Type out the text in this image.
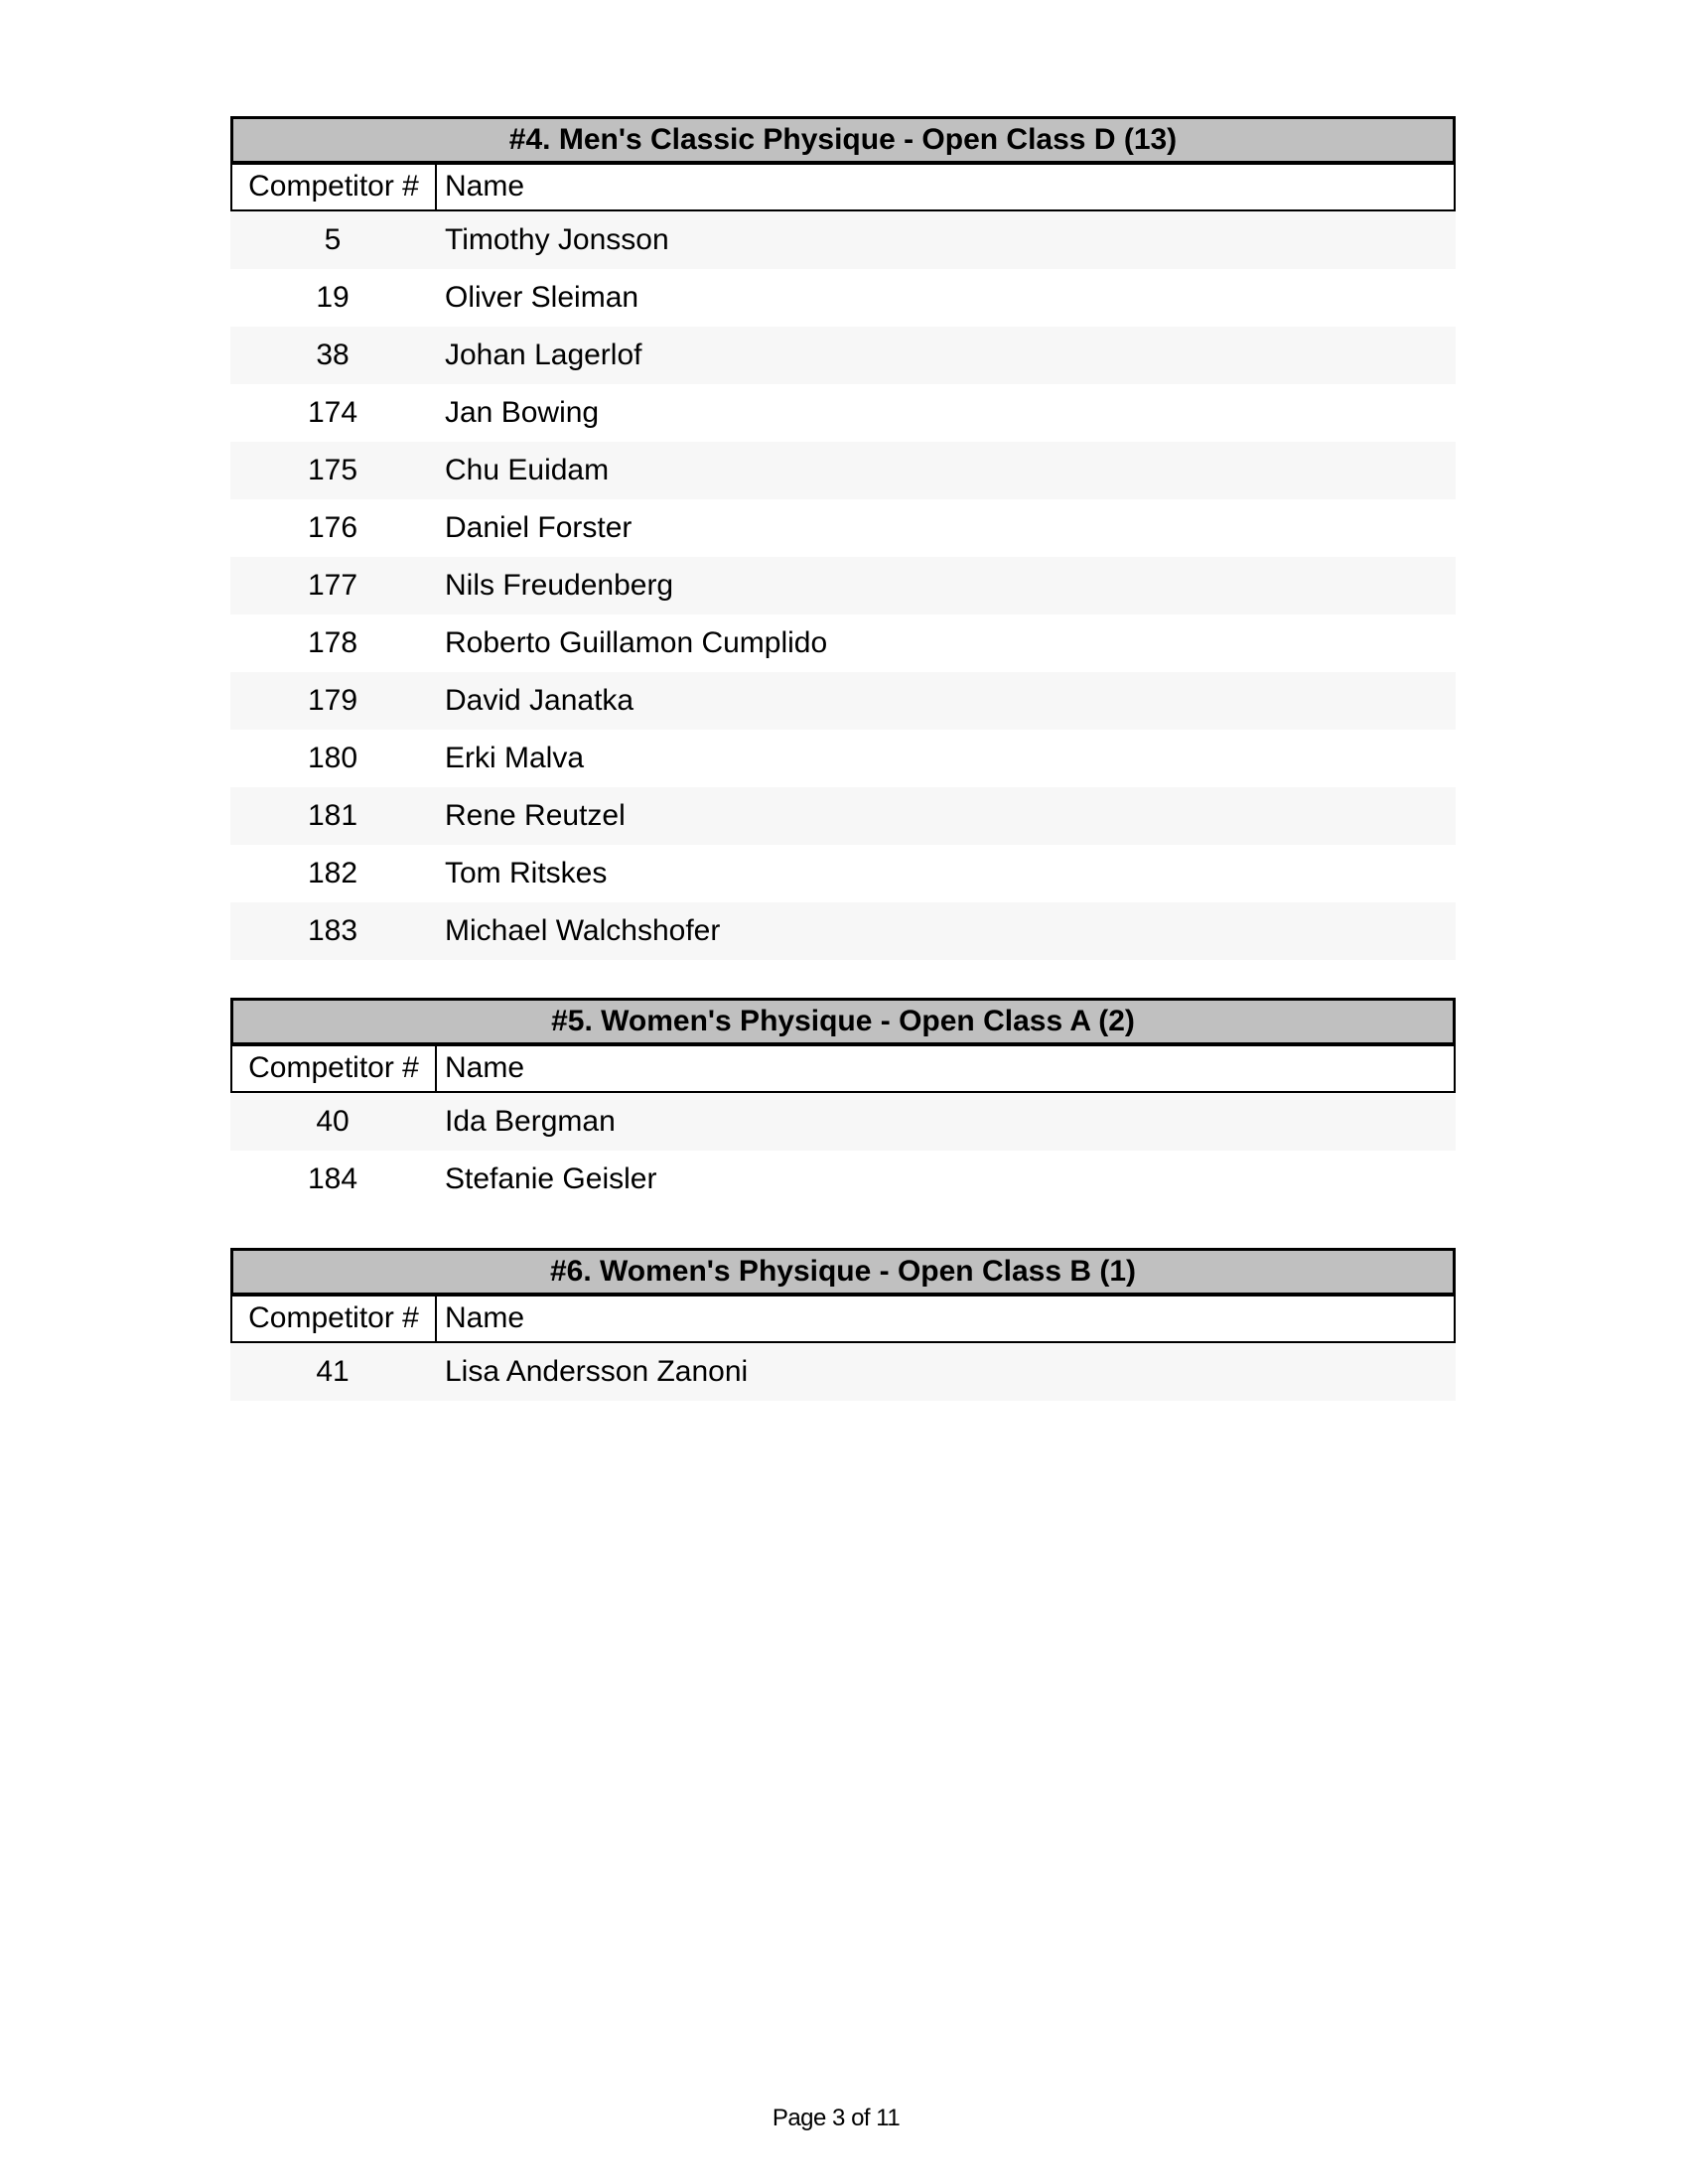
#4. Men's Classic Physique - Open Class D (13)
Competitor # Name
5	Timothy Jonsson
19	Oliver Sleiman
38	Johan Lagerlof
174	Jan Bowing
175	Chu Euidam
176	Daniel Forster
177	Nils Freudenberg
178	Roberto Guillamon Cumplido
179	David Janatka
180	Erki Malva
181	Rene Reutzel
182	Tom Ritskes
183	Michael Walchshofer
#5. Women's Physique - Open Class A (2)
Competitor # Name
40	Ida Bergman
184	Stefanie Geisler
#6. Women's Physique - Open Class B (1)
Competitor # Name
41	Lisa Andersson Zanoni
Page 3 of 11
